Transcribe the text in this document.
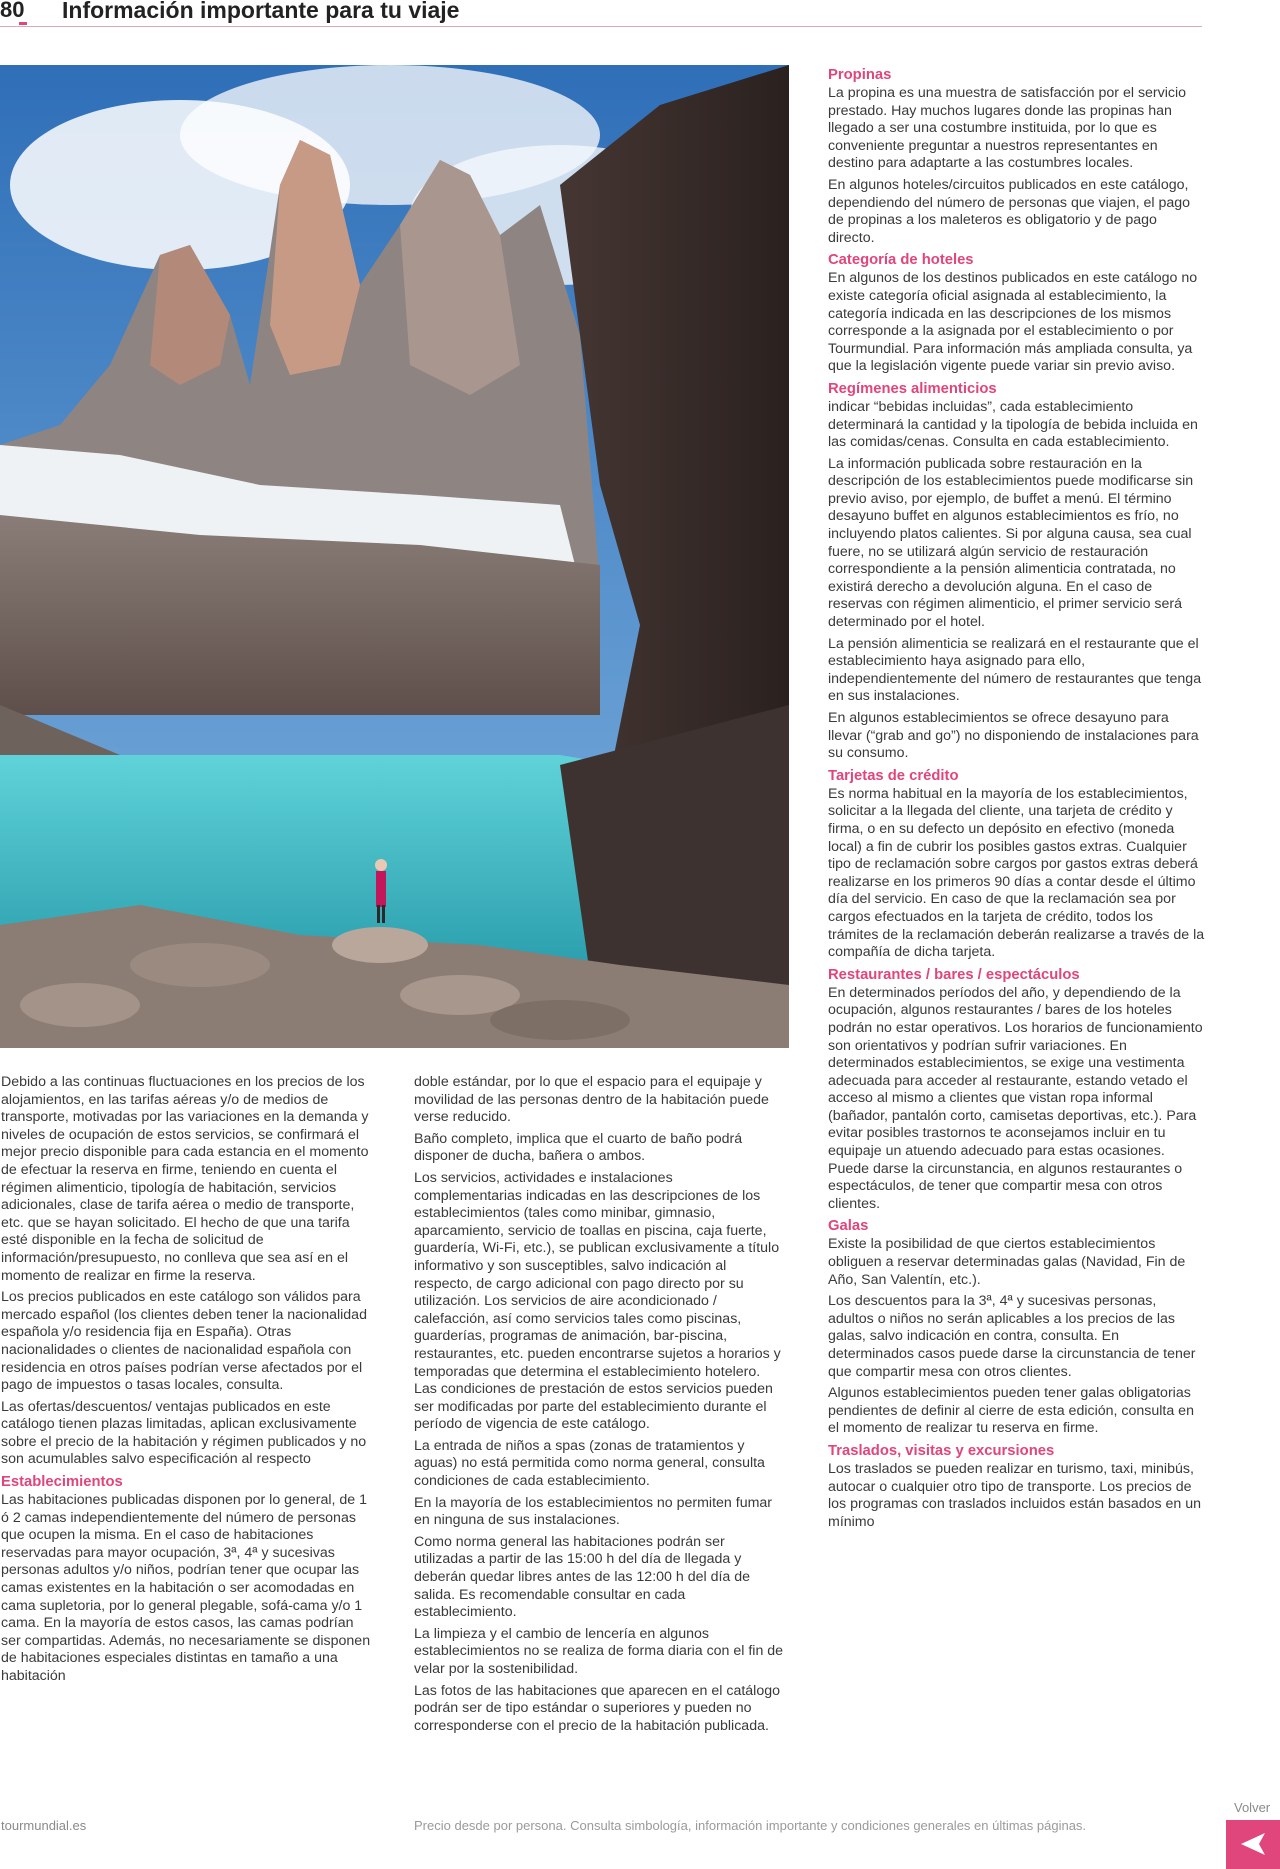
80 Información importante para tu viaje

Debido a las continuas fluctuaciones en los precios de los alojamientos, en las tarifas aéreas y/o de medios de transporte, motivadas por las variaciones en la demanda y niveles de ocupación de estos servicios, se confirmará el mejor precio disponible para cada estancia en el momento de efectuar la reserva en firme, teniendo en cuenta el régimen alimenticio, tipología de habitación, servicios adicionales, clase de tarifa aérea o medio de transporte, etc. que se hayan solicitado. El hecho de que una tarifa esté disponible en la fecha de solicitud de información/presupuesto, no conlleva que sea así en el momento de realizar en firme la reserva.

Los precios publicados en este catálogo son válidos para mercado español (los clientes deben tener la nacionalidad española y/o residencia fija en España). Otras nacionalidades o clientes de nacionalidad española con residencia en otros países podrían verse afectados por el pago de impuestos o tasas locales, consulta.

Las ofertas/descuentos/ ventajas publicados en este catálogo tienen plazas limitadas, aplican exclusivamente sobre el precio de la habitación y régimen publicados y no son acumulables salvo especificación al respecto

Establecimientos

Las habitaciones publicadas disponen por lo general, de 1 ó 2 camas independientemente del número de personas que ocupen la misma. En el caso de habitaciones reservadas para mayor ocupación, 3ª, 4ª y sucesivas personas adultos y/o niños, podrían tener que ocupar las camas existentes en la habitación o ser acomodadas en cama supletoria, por lo general plegable, sofá-cama y/o 1 cama. En la mayoría de estos casos, las camas podrían ser compartidas. Además, no necesariamente se disponen de habitaciones especiales distintas en tamaño a una habitación

doble estándar, por lo que el espacio para el equipaje y movilidad de las personas dentro de la habitación puede verse reducido.

Baño completo, implica que el cuarto de baño podrá disponer de ducha, bañera o ambos.

Los servicios, actividades e instalaciones complementarias indicadas en las descripciones de los establecimientos (tales como minibar, gimnasio, aparcamiento, servicio de toallas en piscina, caja fuerte, guardería, Wi-Fi, etc.), se publican exclusivamente a título informativo y son susceptibles, salvo indicación al respecto, de cargo adicional con pago directo por su utilización. Los servicios de aire acondicionado / calefacción, así como servicios tales como piscinas, guarderías, programas de animación, bar-piscina, restaurantes, etc. pueden encontrarse sujetos a horarios y temporadas que determina el establecimiento hotelero. Las condiciones de prestación de estos servicios pueden ser modificadas por parte del establecimiento durante el período de vigencia de este catálogo.

La entrada de niños a spas (zonas de tratamientos y aguas) no está permitida como norma general, consulta condiciones de cada establecimiento.

En la mayoría de los establecimientos no permiten fumar en ninguna de sus instalaciones.

Como norma general las habitaciones podrán ser utilizadas a partir de las 15:00 h del día de llegada y deberán quedar libres antes de las 12:00 h del día de salida. Es recomendable consultar en cada establecimiento.

La limpieza y el cambio de lencería en algunos establecimientos no se realiza de forma diaria con el fin de velar por la sostenibilidad.

Las fotos de las habitaciones que aparecen en el catálogo podrán ser de tipo estándar o superiores y pueden no corresponderse con el precio de la habitación publicada.

Propinas

La propina es una muestra de satisfacción por el servicio prestado. Hay muchos lugares donde las propinas han llegado a ser una costumbre instituida, por lo que es conveniente preguntar a nuestros representantes en destino para adaptarte a las costumbres locales.

En algunos hoteles/circuitos publicados en este catálogo, dependiendo del número de personas que viajen, el pago de propinas a los maleteros es obligatorio y de pago directo.

Categoría de hoteles

En algunos de los destinos publicados en este catálogo no existe categoría oficial asignada al establecimiento, la categoría indicada en las descripciones de los mismos corresponde a la asignada por el establecimiento o por Tourmundial. Para información más ampliada consulta, ya que la legislación vigente puede variar sin previo aviso.

Regímenes alimenticios

indicar “bebidas incluidas”, cada establecimiento determinará la cantidad y la tipología de bebida incluida en las comidas/cenas. Consulta en cada establecimiento.

La información publicada sobre restauración en la descripción de los establecimientos puede modificarse sin previo aviso, por ejemplo, de buffet a menú. El término desayuno buffet en algunos establecimientos es frío, no incluyendo platos calientes. Si por alguna causa, sea cual fuere, no se utilizará algún servicio de restauración correspondiente a la pensión alimenticia contratada, no existirá derecho a devolución alguna. En el caso de reservas con régimen alimenticio, el primer servicio será determinado por el hotel.

La pensión alimenticia se realizará en el restaurante que el establecimiento haya asignado para ello, independientemente del número de restaurantes que tenga en sus instalaciones.

En algunos establecimientos se ofrece desayuno para llevar (“grab and go”) no disponiendo de instalaciones para su consumo.

Tarjetas de crédito

Es norma habitual en la mayoría de los establecimientos, solicitar a la llegada del cliente, una tarjeta de crédito y firma, o en su defecto un depósito en efectivo (moneda local) a fin de cubrir los posibles gastos extras. Cualquier tipo de reclamación sobre cargos por gastos extras deberá realizarse en los primeros 90 días a contar desde el último día del servicio. En caso de que la reclamación sea por cargos efectuados en la tarjeta de crédito, todos los trámites de la reclamación deberán realizarse a través de la compañía de dicha tarjeta.

Restaurantes / bares / espectáculos

En determinados períodos del año, y dependiendo de la ocupación, algunos restaurantes / bares de los hoteles podrán no estar operativos. Los horarios de funcionamiento son orientativos y podrían sufrir variaciones. En determinados establecimientos, se exige una vestimenta adecuada para acceder al restaurante, estando vetado el acceso al mismo a clientes que vistan ropa informal (bañador, pantalón corto, camisetas deportivas, etc.). Para evitar posibles trastornos te aconsejamos incluir en tu equipaje un atuendo adecuado para estas ocasiones. Puede darse la circunstancia, en algunos restaurantes o espectáculos, de tener que compartir mesa con otros clientes.

Galas

Existe la posibilidad de que ciertos establecimientos obliguen a reservar determinadas galas (Navidad, Fin de Año, San Valentín, etc.).

Los descuentos para la 3ª, 4ª y sucesivas personas, adultos o niños no serán aplicables a los precios de las galas, salvo indicación en contra, consulta. En determinados casos puede darse la circunstancia de tener que compartir mesa con otros clientes.

Algunos establecimientos pueden tener galas obligatorias pendientes de definir al cierre de esta edición, consulta en el momento de realizar tu reserva en firme.

Traslados, visitas y excursiones

Los traslados se pueden realizar en turismo, taxi, minibús, autocar o cualquier otro tipo de transporte. Los precios de los programas con traslados incluidos están basados en un mínimo

tourmundial.es	Precio desde por persona. Consulta simbología, información importante y condiciones generales en últimas páginas.
Volver
